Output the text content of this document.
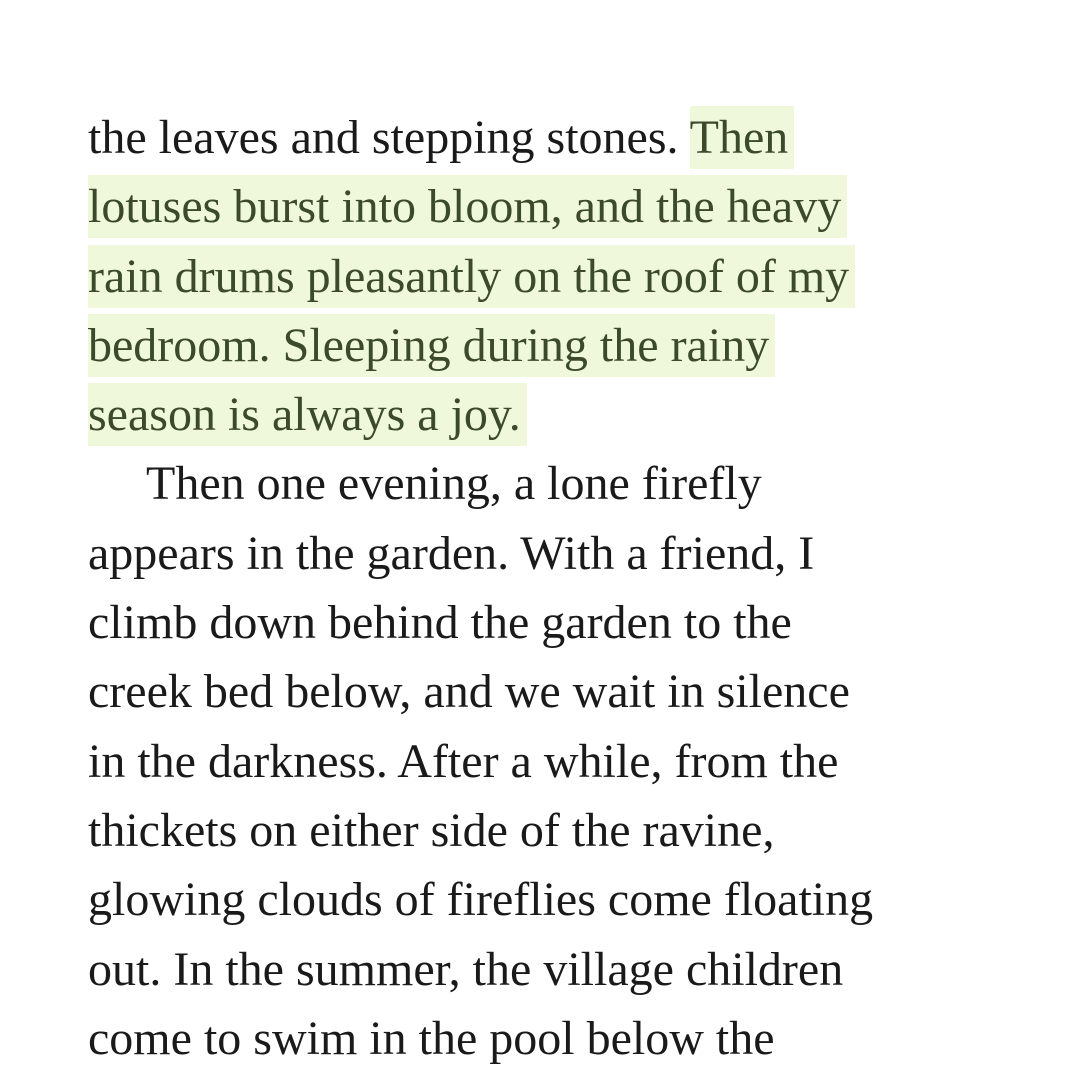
the leaves and stepping stones. Then
lotuses burst into bloom, and the heavy
rain drums pleasantly on the roof of my
bedroom. Sleeping during the rainy
season is always a joy.
Then one evening, a lone firefly
appears in the garden. With a friend, I
climb down behind the garden to the
creek bed below, and we wait in silence
in the darkness. After a while, from the
thickets on either side of the ravine,
glowing clouds of fireflies come floating
out. In the summer, the village children
come to swim in the pool below the
